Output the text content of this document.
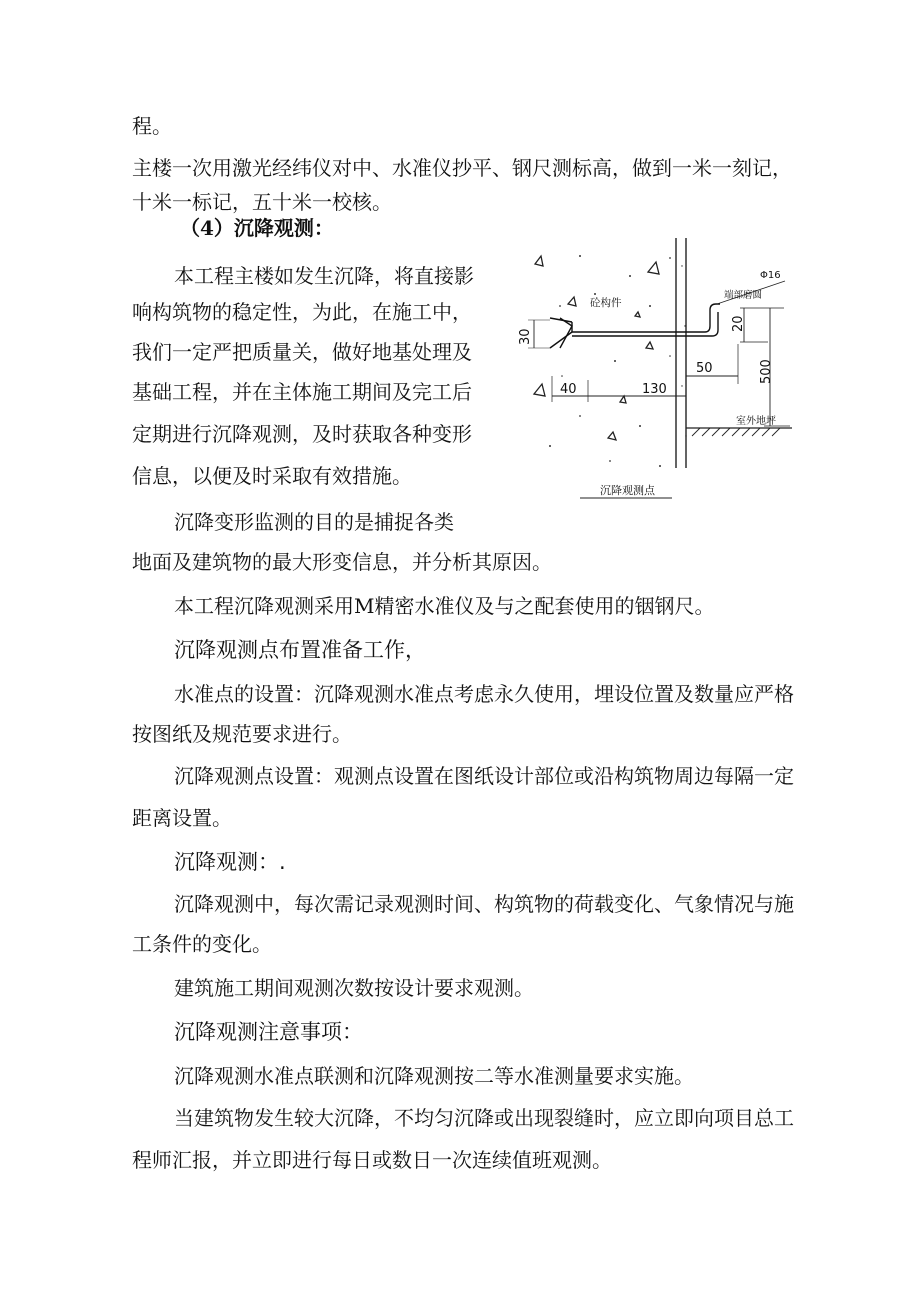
程。
主楼一次用激光经纬仪对中、水准仪抄平、钢尺测标高，做到一米一刻记，
十米一标记，五十米一校核。
（4）沉降观测：
本工程主楼如发生沉降，将直接影
响构筑物的稳定性，为此，在施工中，
我们一定严把质量关，做好地基处理及
基础工程，并在主体施工期间及完工后
定期进行沉降观测，及时获取各种变形
信息，以便及时采取有效措施。
沉降变形监测的目的是捕捉各类
地面及建筑物的最大形变信息，并分析其原因。
本工程沉降观测采用M精密水准仪及与之配套使用的铟钢尺。
沉降观测点布置准备工作，
水准点的设置：沉降观测水准点考虑永久使用，埋设位置及数量应严格
按图纸及规范要求进行。
沉降观测点设置：观测点设置在图纸设计部位或沿构筑物周边每隔一定
距离设置。
沉降观测：.
沉降观测中，每次需记录观测时间、构筑物的荷载变化、气象情况与施
工条件的变化。
建筑施工期间观测次数按设计要求观测。
沉降观测注意事项：
沉降观测水准点联测和沉降观测按二等水准测量要求实施。
当建筑物发生较大沉降，不均匀沉降或出现裂缝时，应立即向项目总工
程师汇报，并立即进行每日或数日一次连续值班观测。
Φ16
端部磨圆
砼构件
30
20
500
50
40	130
室外地坪
沉降观测点
